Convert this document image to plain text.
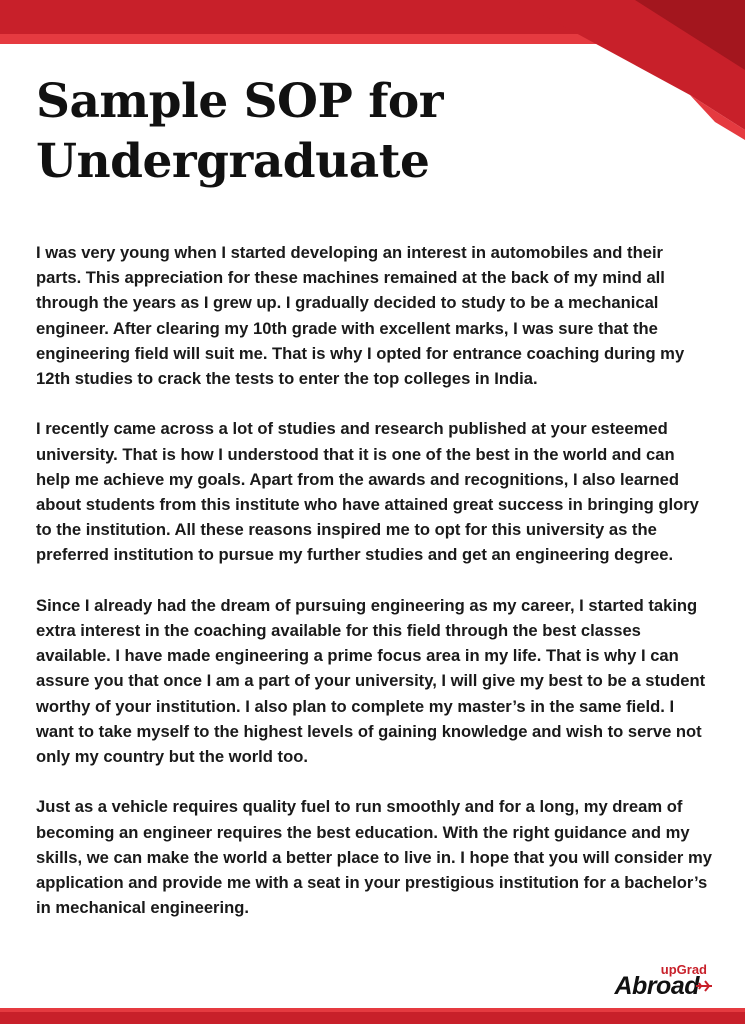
Sample SOP for
Undergraduate

I was very young when I started developing an interest in automobiles and their parts. This appreciation for these machines remained at the back of my mind all through the years as I grew up. I gradually decided to study to be a mechanical engineer. After clearing my 10th grade with excellent marks, I was sure that the engineering field will suit me. That is why I opted for entrance coaching during my 12th studies to crack the tests to enter the top colleges in India.

I recently came across a lot of studies and research published at your esteemed university. That is how I understood that it is one of the best in the world and can help me achieve my goals. Apart from the awards and recognitions, I also learned about students from this institute who have attained great success in bringing glory to the institution. All these reasons inspired me to opt for this university as the preferred institution to pursue my further studies and get an engineering degree.

Since I already had the dream of pursuing engineering as my career, I started taking extra interest in the coaching available for this field through the best classes available. I have made engineering a prime focus area in my life. That is why I can assure you that once I am a part of your university, I will give my best to be a student worthy of your institution. I also plan to complete my master’s in the same field. I want to take myself to the highest levels of gaining knowledge and wish to serve not only my country but the world too.

Just as a vehicle requires quality fuel to run smoothly and for a long, my dream of becoming an engineer requires the best education. With the right guidance and my skills, we can make the world a better place to live in. I hope that you will consider my application and provide me with a seat in your prestigious institution for a bachelor’s in mechanical engineering.

upGrad
Abroad
